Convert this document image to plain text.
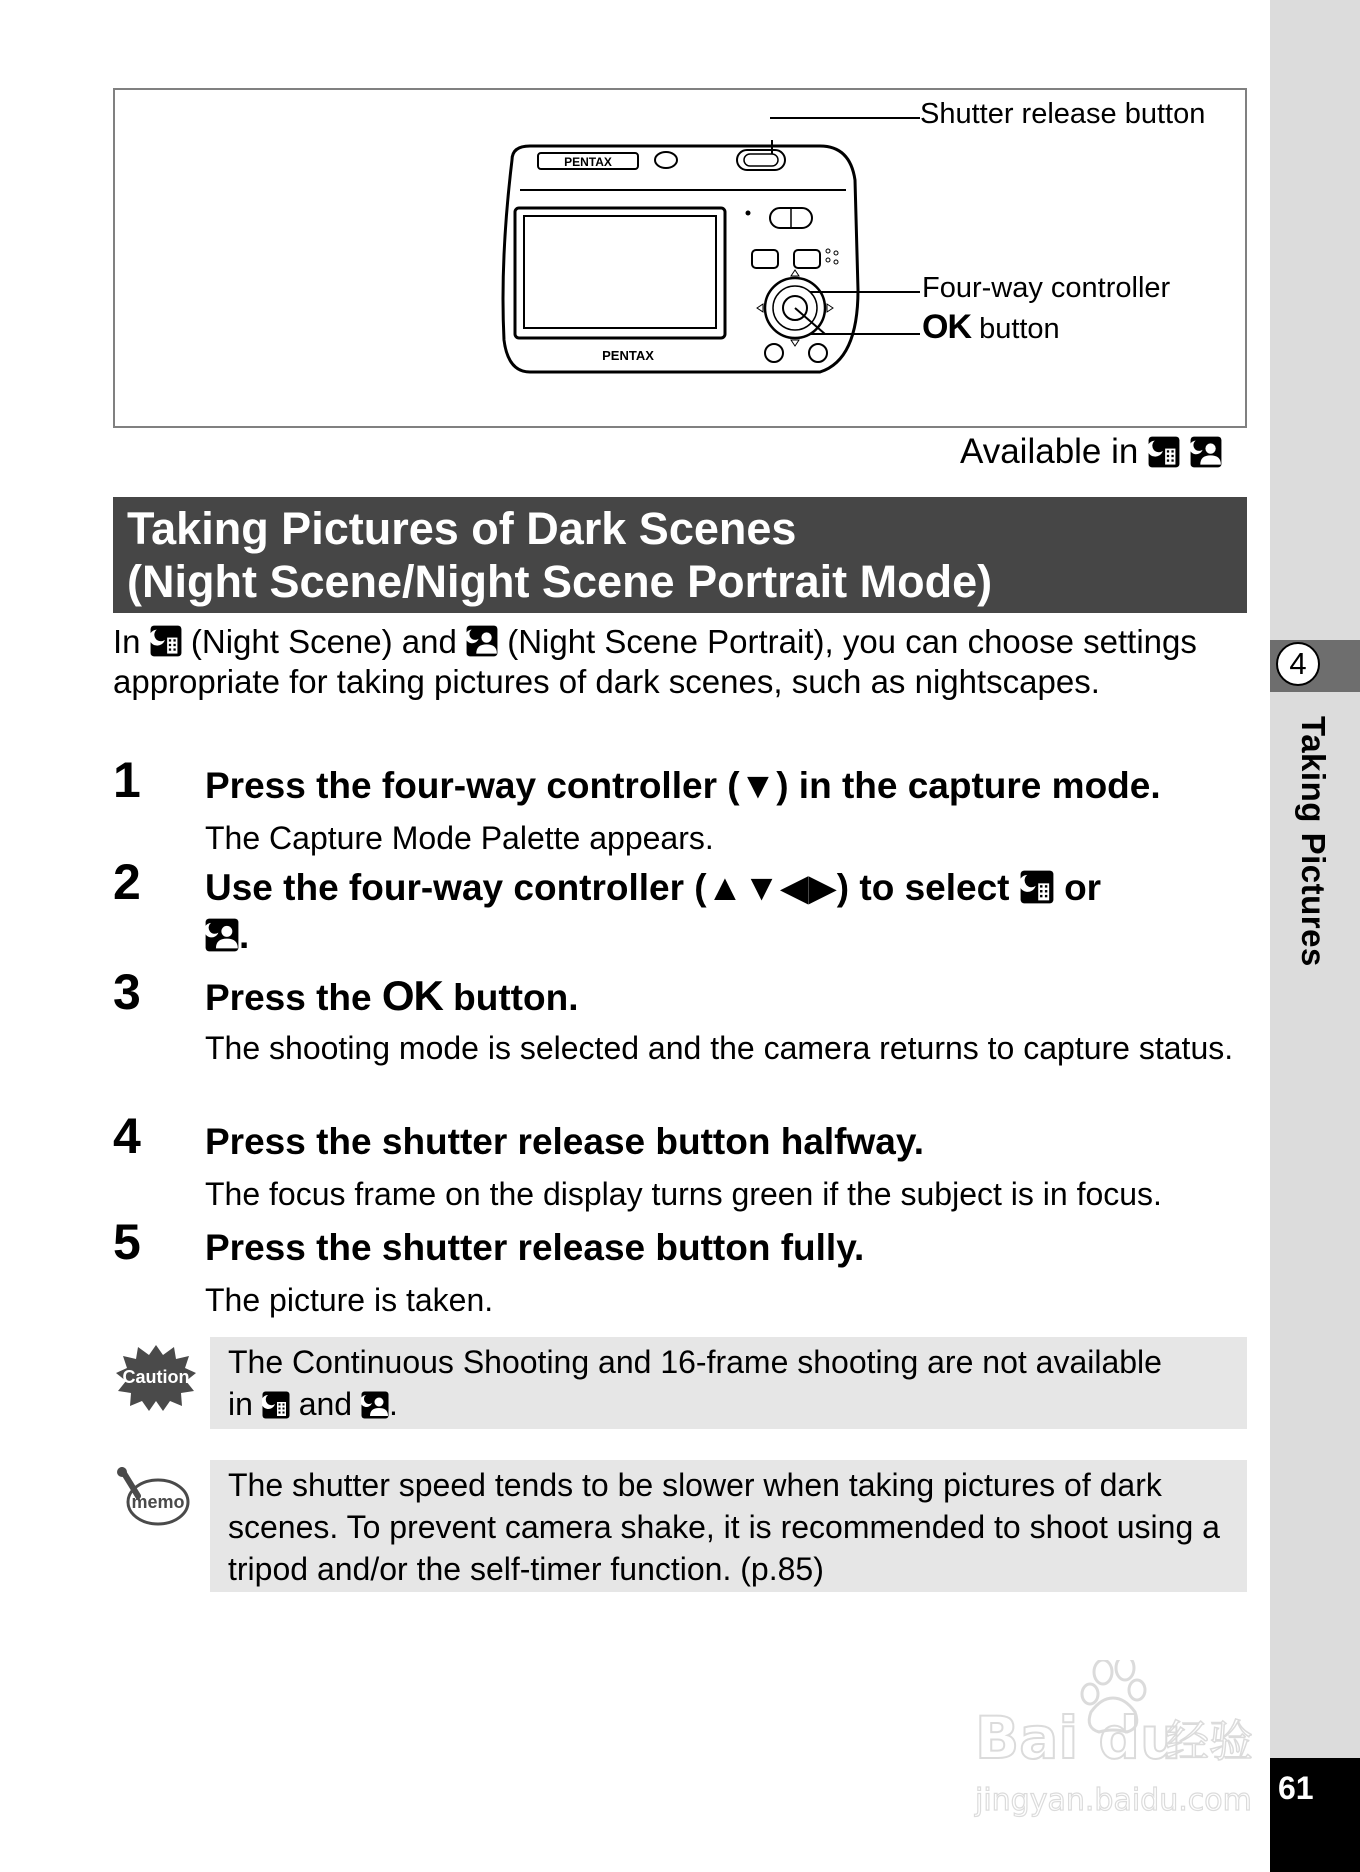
4
Taking Pictures
61
PENTAX
PENTAX
Shutter release button
Four-way controller
OK button
Available in
Taking Pictures of Dark Scenes
(Night Scene/Night Scene Portrait Mode)
In (Night Scene) and (Night Scene Portrait), you can choose settings appropriate for taking pictures of dark scenes, such as nightscapes.
1 Press the four-way controller (▼) in the capture mode.
The Capture Mode Palette appears.
2 Use the four-way controller (▲▼◀▶) to select or
.
3 Press the OK button.
The shooting mode is selected and the camera returns to capture status.
4 Press the shutter release button halfway.
The focus frame on the display turns green if the subject is in focus.
5 Press the shutter release button fully.
The picture is taken.
Caution The Continuous Shooting and 16-frame shooting are not available
in and .
memo	The shutter speed tends to be slower when taking pictures of dark scenes. To prevent camera shake, it is recommended to shoot using a tripod and/or the self-timer function. (p.85)
Bai du
经验
jingyan.baidu.com
